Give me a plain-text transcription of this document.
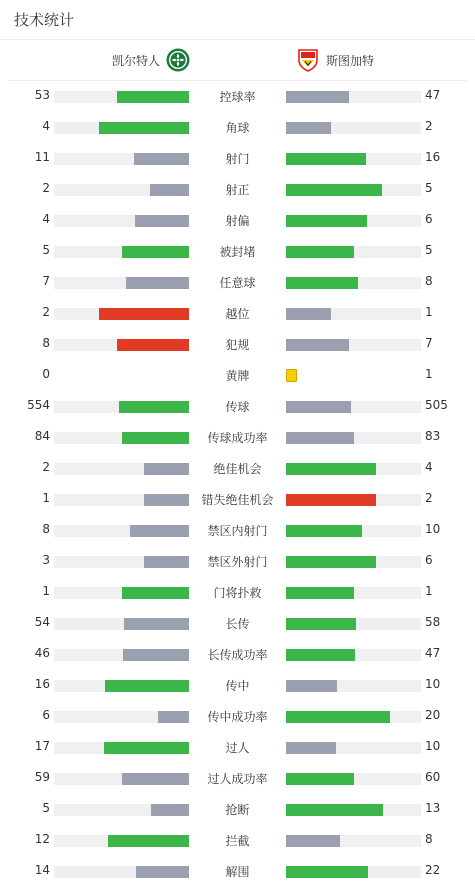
技术统计
凯尔特人	斯图加特
53	控球率	47
4	角球	2
11	射门	16
2	射正	5
4	射偏	6
5	被封堵	5
7	任意球	8
2	越位	1
8	犯规	7
0	黄牌	1
554	传球	505
84	传球成功率	83
2	绝佳机会	4
1	错失绝佳机会	2
8	禁区内射门	10
3	禁区外射门	6
1	门将扑救	1
54	长传	58
46	长传成功率	47
16	传中	10
6	传中成功率	20
17	过人	10
59	过人成功率	60
5	抢断	13
12	拦截	8
14	解围	22
